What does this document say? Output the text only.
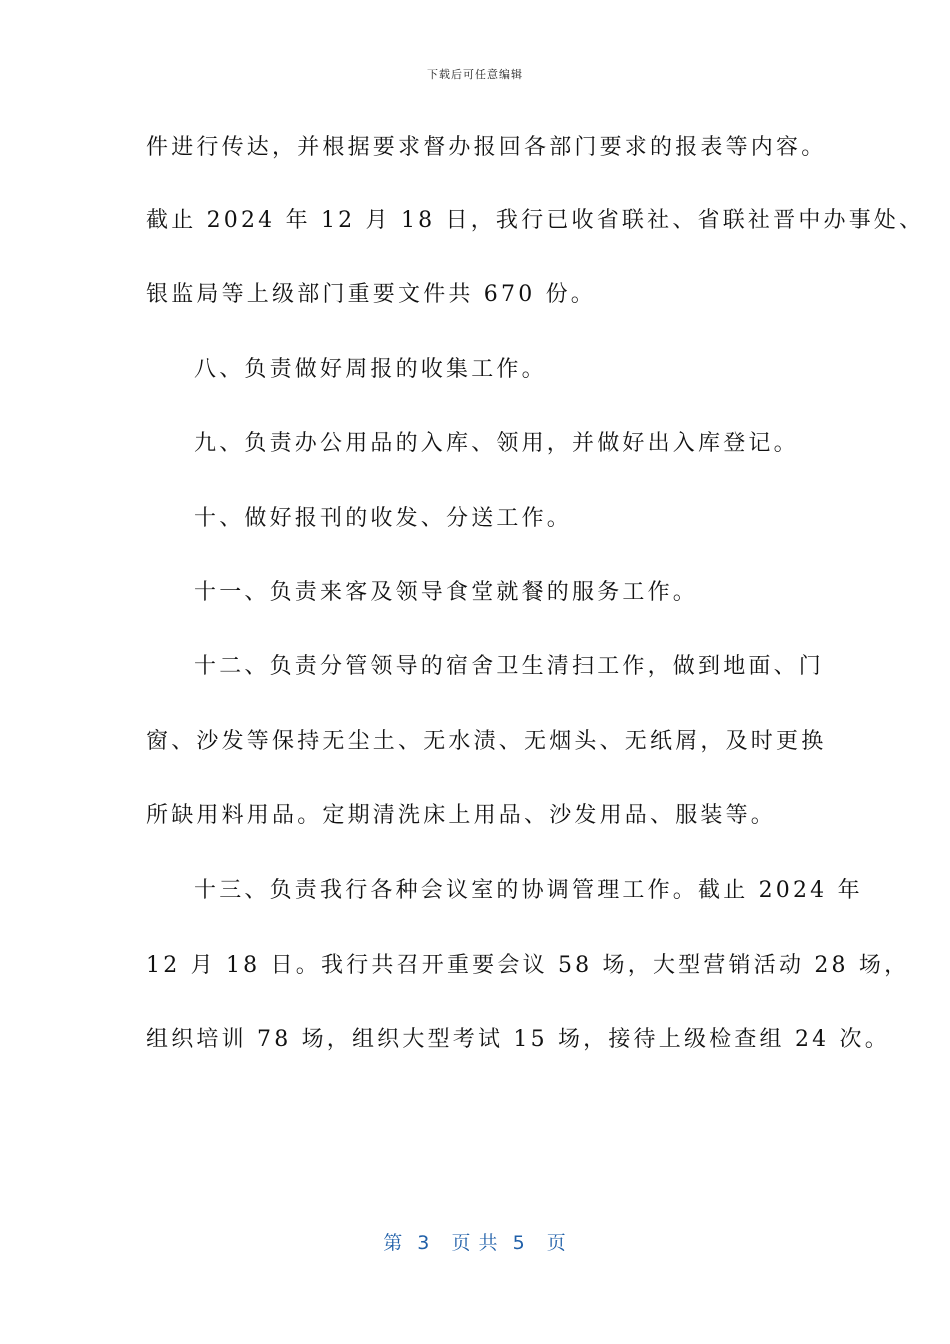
下载后可任意编辑
件进行传达，并根据要求督办报回各部门要求的报表等内容。
截止 2024 年 12 月 18 日，我行已收省联社、省联社晋中办事处、
银监局等上级部门重要文件共 670 份。
八、负责做好周报的收集工作。
九、负责办公用品的入库、领用，并做好出入库登记。
十、做好报刊的收发、分送工作。
十一、负责来客及领导食堂就餐的服务工作。
十二、负责分管领导的宿舍卫生清扫工作，做到地面、门
窗、沙发等保持无尘土、无水渍、无烟头、无纸屑，及时更换
所缺用料用品。定期清洗床上用品、沙发用品、服装等。
十三、负责我行各种会议室的协调管理工作。截止 2024 年
12 月 18 日。我行共召开重要会议 58 场，大型营销活动 28 场，
组织培训 78 场，组织大型考试 15 场，接待上级检查组 24 次。
第  3   页 共  5   页
